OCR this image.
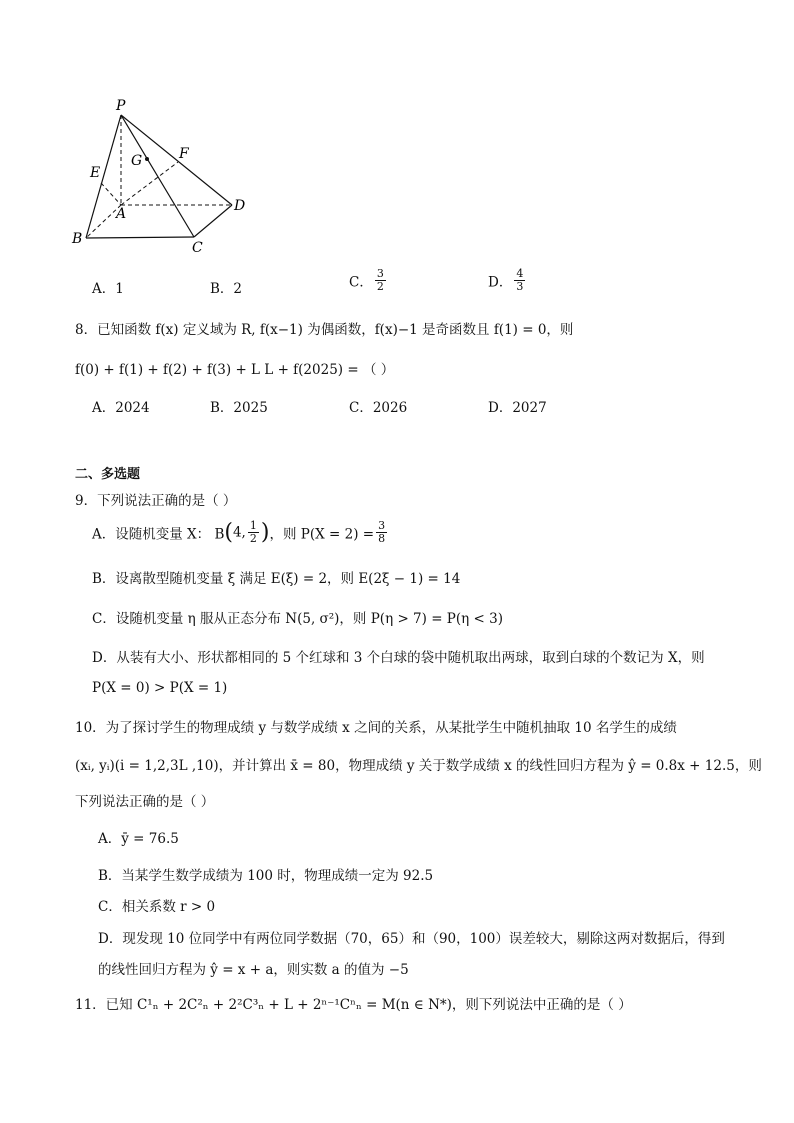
P
E
G	F
A	D
B
C
A．1	B．2	C． $\frac{3}{2}$	D． $\frac{4}{3}$
8．已知函数 f(x) 定义域为 R, f(x−1) 为偶函数，f(x)−1 是奇函数且 f(1) = 0，则
f(0) + f(1) + f(2) + f(3) + L L + f(2025) = （ ）
A．2024	B．2025	C．2026	D．2027
二、多选题
9．下列说法正确的是（ ）
A．设随机变量 X： B(4, $\frac{1}{2}$ )，则 $P(X = 2) = \frac{3}{8}$
B．设离散型随机变量 ξ 满足 E(ξ) = 2，则 E(2ξ − 1) = 14
C．设随机变量 η 服从正态分布 N(5, σ²)，则 P(η > 7) = P(η < 3)
D．从装有大小、形状都相同的 5 个红球和 3 个白球的袋中随机取出两球，取到白球的个数记为 X，则
P(X = 0) > P(X = 1)
10．为了探讨学生的物理成绩 y 与数学成绩 x 之间的关系，从某批学生中随机抽取 10 名学生的成绩
(xᵢ, yᵢ)(i = 1,2,3L ,10)，并计算出 x̄ = 80，物理成绩 y 关于数学成绩 x 的线性回归方程为 ŷ = 0.8x + 12.5，则
下列说法正确的是（ ）
A．ȳ = 76.5
B．当某学生数学成绩为 100 时，物理成绩一定为 92.5
C．相关系数 r > 0
D．现发现 10 位同学中有两位同学数据（70，65）和（90，100）误差较大，剔除这两对数据后，得到
的线性回归方程为 ŷ = x + a，则实数 a 的值为 −5
11．已知 C¹ₙ + 2C²ₙ + 2²C³ₙ + L + 2ⁿ⁻¹Cⁿₙ = M(n ∈ N*)，则下列说法中正确的是（ ）
